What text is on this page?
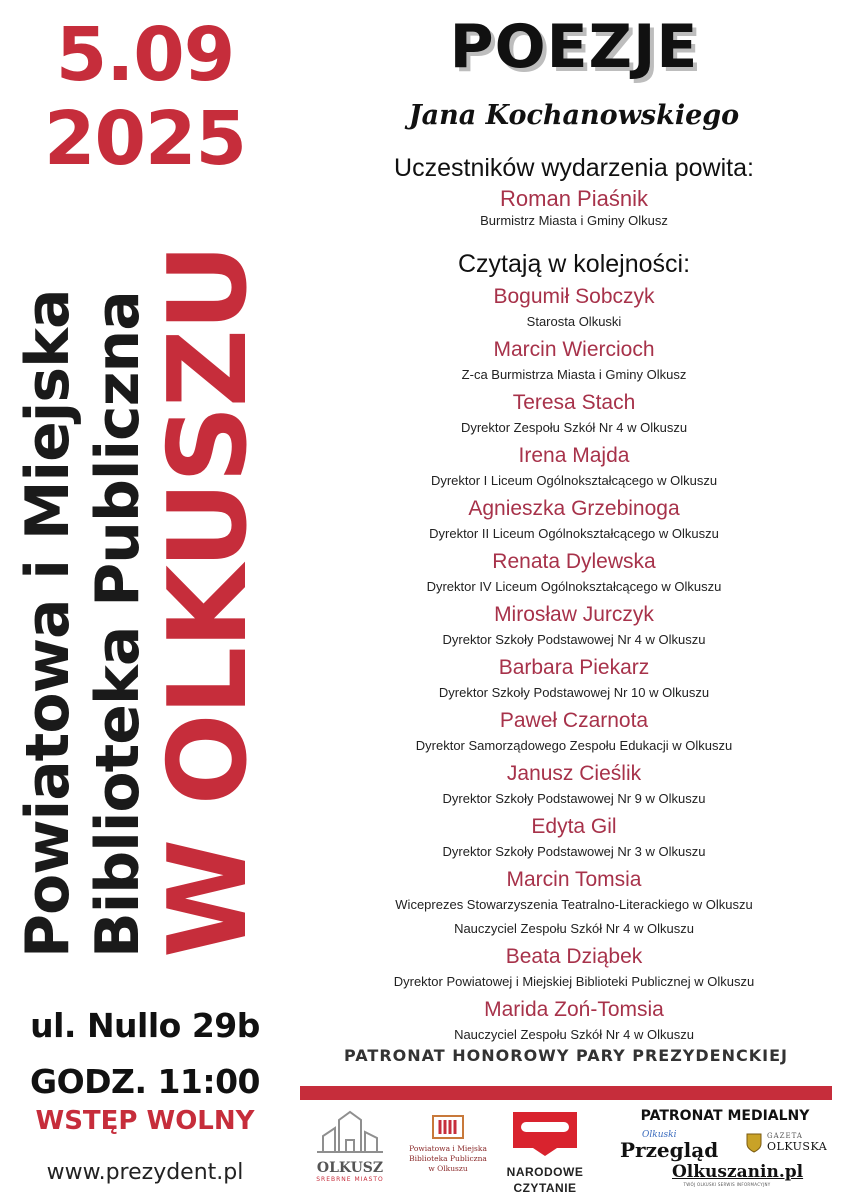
5.09
2025
Powiatowa i Miejska Biblioteka Publiczna
W OLKUSZU
ul. Nullo 29b
GODZ. 11:00
WSTĘP WOLNY
www.prezydent.pl
POEZJE
Jana Kochanowskiego
Uczestników wydarzenia powita:
Roman Piaśnik
Burmistrz Miasta i Gminy Olkusz
Czytają w kolejności:
Bogumił Sobczyk
Starosta Olkuski
Marcin Wiercioch
Z-ca Burmistrza Miasta i Gminy Olkusz
Teresa Stach
Dyrektor Zespołu Szkół Nr 4 w Olkuszu
Irena Majda
Dyrektor I Liceum Ogólnokształcącego w Olkuszu
Agnieszka Grzebinoga
Dyrektor II Liceum Ogólnokształcącego w Olkuszu
Renata Dylewska
Dyrektor IV Liceum Ogólnokształcącego w Olkuszu
Mirosław Jurczyk
Dyrektor Szkoły Podstawowej Nr 4 w Olkuszu
Barbara Piekarz
Dyrektor Szkoły Podstawowej Nr 10 w Olkuszu
Paweł Czarnota
Dyrektor Samorządowego Zespołu Edukacji w Olkuszu
Janusz Cieślik
Dyrektor Szkoły Podstawowej Nr 9 w Olkuszu
Edyta Gil
Dyrektor Szkoły Podstawowej Nr 3 w Olkuszu
Marcin Tomsia
Wiceprezes Stowarzyszenia Teatralno-Literackiego w Olkuszu
Nauczyciel Zespołu Szkół Nr 4 w Olkuszu
Beata Dziąbek
Dyrektor Powiatowej i Miejskiej Biblioteki Publicznej w Olkuszu
Marida Zoń-Tomsia
Nauczyciel Zespołu Szkół Nr 4 w Olkuszu
PATRONAT HONOROWY PARY PREZYDENCKIEJ
OLKUSZ
SREBRNE MIASTO
Powiatowa i Miejska
Biblioteka Publiczna
w Olkuszu	NARODOWE
CZYTANIE
PATRONAT MEDIALNY
Olkuski
Przegląd
GAZETA
OLKUSKA
Olkuszanin.pl
TWÓJ OLKUSKI SERWIS INFORMACYJNY
